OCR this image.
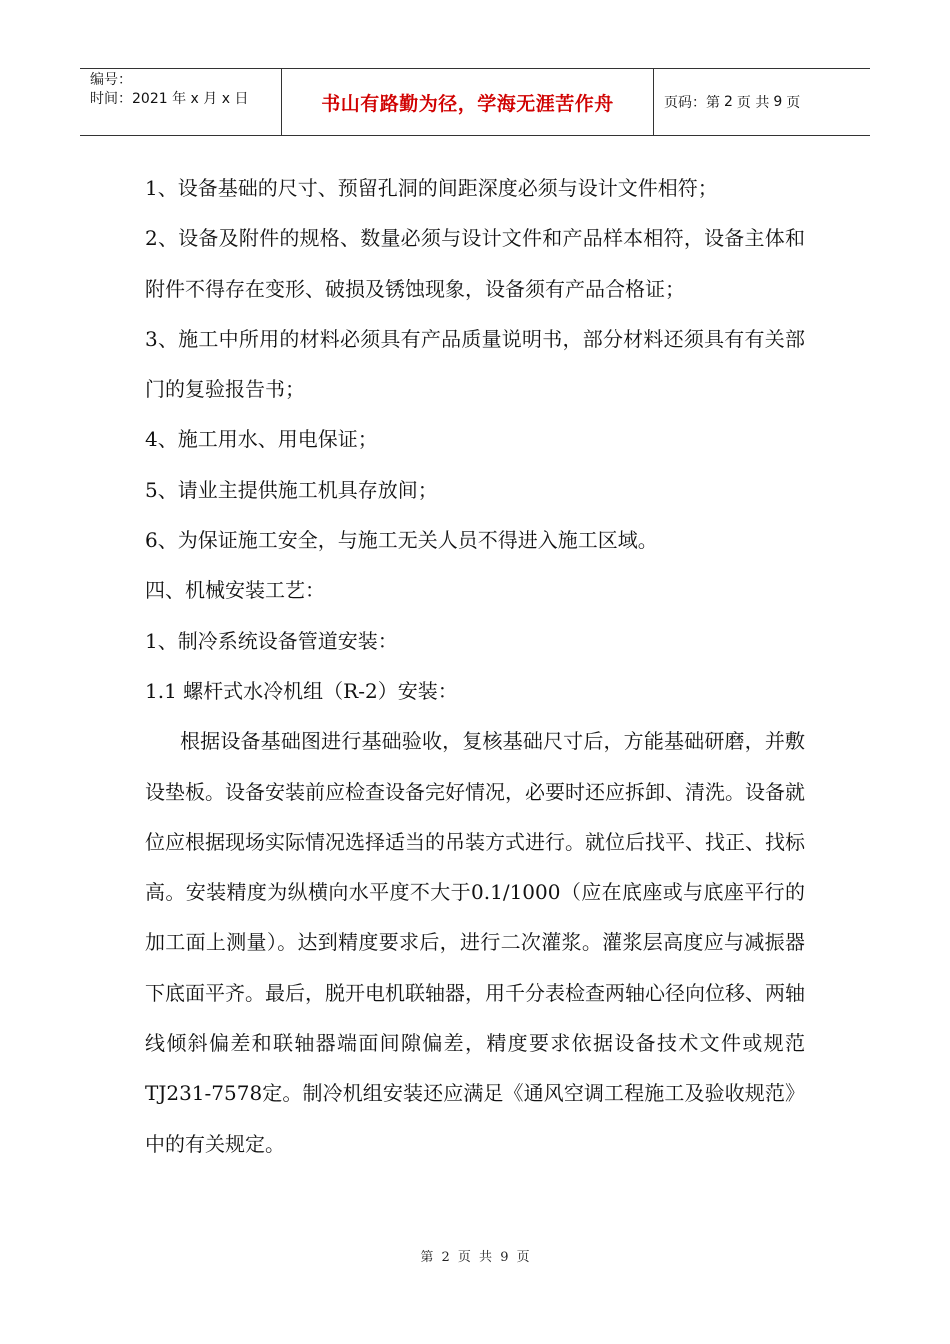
编号：
时间：2021 年 x 月 x 日	书山有路勤为径，学海无涯苦作舟	页码：第 2 页 共 9 页

1、设备基础的尺寸、预留孔洞的间距深度必须与设计文件相符；

2、设备及附件的规格、数量必须与设计文件和产品样本相符，设备主体和附件不得存在变形、破损及锈蚀现象，设备须有产品合格证；

3、施工中所用的材料必须具有产品质量说明书，部分材料还须具有有关部门的复验报告书；

4、施工用水、用电保证；

5、请业主提供施工机具存放间；

6、为保证施工安全，与施工无关人员不得进入施工区域。

四、机械安装工艺：

1、制冷系统设备管道安装：

1.1 螺杆式水冷机组（R-2）安装：

根据设备基础图进行基础验收，复核基础尺寸后，方能基础研磨，并敷设垫板。设备安装前应检查设备完好情况，必要时还应拆卸、清洗。设备就位应根据现场实际情况选择适当的吊装方式进行。就位后找平、找正、找标高。安装精度为纵横向水平度不大于0.1/1000（应在底座或与底座平行的加工面上测量）。达到精度要求后，进行二次灌浆。灌浆层高度应与减振器下底面平齐。最后，脱开电机联轴器，用千分表检查两轴心径向位移、两轴线倾斜偏差和联轴器端面间隙偏差，精度要求依据设备技术文件或规范TJ231-7578定。制冷机组安装还应满足《通风空调工程施工及验收规范》中的有关规定。

第 2 页 共 9 页
